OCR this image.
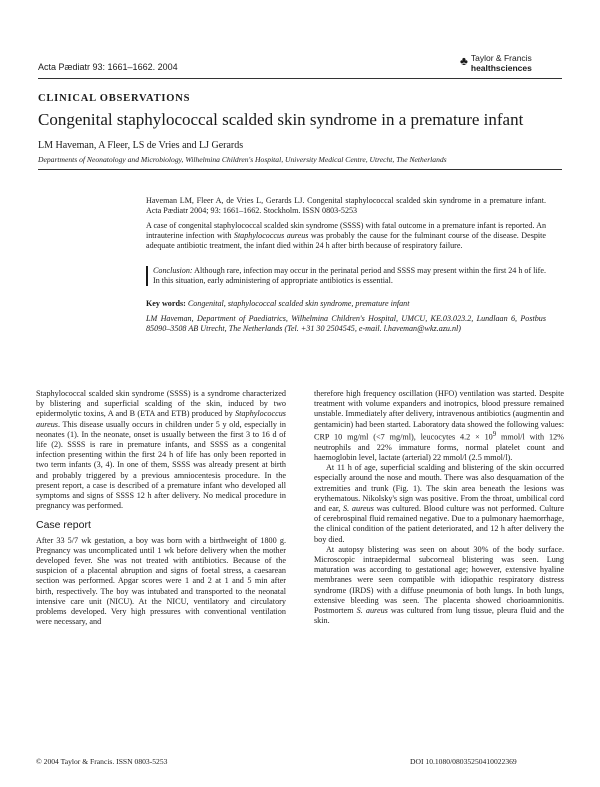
Acta Pædiatr 93: 1661–1662. 2004	♣ Taylor & Francis
healthsciences
CLINICAL OBSERVATIONS
Congenital staphylococcal scalded skin syndrome in a premature infant
LM Haveman, A Fleer, LS de Vries and LJ Gerards
Departments of Neonatology and Microbiology, Wilhelmina Children's Hospital, University Medical Centre, Utrecht, The Netherlands

Haveman LM, Fleer A, de Vries L, Gerards LJ. Congenital staphylococcal scalded skin syndrome in a premature infant. Acta Pædiatr 2004; 93: 1661–1662. Stockholm. ISSN 0803-5253

A case of congenital staphylococcal scalded skin syndrome (SSSS) with fatal outcome in a premature infant is reported. An intrauterine infection with Staphylococcus aureus was probably the cause for the fulminant course of the disease. Despite adequate antibiotic treatment, the infant died within 24 h after birth because of respiratory failure.

Conclusion: Although rare, infection may occur in the perinatal period and SSSS may present within the first 24 h of life. In this situation, early administering of appropriate antibiotics is essential.

Key words: Congenital, staphylococcal scalded skin syndrome, premature infant

LM Haveman, Department of Paediatrics, Wilhelmina Children's Hospital, UMCU, KE.03.023.2, Lundlaan 6, Postbus 85090–3508 AB Utrecht, The Netherlands (Tel. +31 30 2504545, e-mail. l.haveman@wkz.azu.nl)

Staphylococcal scalded skin syndrome (SSSS) is a syndrome characterized by blistering and superficial scalding of the skin, induced by two epidermolytic toxins, A and B (ETA and ETB) produced by Staphylococcus aureus. This disease usually occurs in children under 5 y old, especially in neonates (1). In the neonate, onset is usually between the first 3 to 16 d of life (2). SSSS is rare in premature infants, and SSSS as a congenital infection presenting within the first 24 h of life has only been reported in two term infants (3, 4). In one of them, SSSS was already present at birth and probably triggered by a previous amniocentesis procedure. In the present report, a case is described of a premature infant who developed all symptoms and signs of SSSS 12 h after delivery. No medical procedure in pregnancy was performed.

Case report

After 33 5/7 wk gestation, a boy was born with a birthweight of 1800 g. Pregnancy was uncomplicated until 1 wk before delivery when the mother developed fever. She was not treated with antibiotics. Because of the suspicion of a placental abruption and signs of foetal stress, a caesarean section was performed. Apgar scores were 1 and 2 at 1 and 5 min after birth, respectively. The boy was intubated and transported to the neonatal intensive care unit (NICU). At the NICU, ventilatory and circulatory problems developed. Very high pressures with conventional ventilation were necessary, and

therefore high frequency oscillation (HFO) ventilation was started. Despite treatment with volume expanders and inotropics, blood pressure remained unstable. Immediately after delivery, intravenous antibiotics (augmentin and gentamicin) had been started. Laboratory data showed the following values: CRP 10 mg/ml (<7 mg/ml), leucocytes $4.2 \times 10^9$ mmol/l with 12% neutrophils and 22% immature forms, normal platelet count and haemoglobin level, lactate (arterial) 22 mmol/l (2.5 mmol/l).

At 11 h of age, superficial scalding and blistering of the skin occurred especially around the nose and mouth. There was also desquamation of the extremities and trunk (Fig. 1). The skin area beneath the lesions was erythematous. Nikolsky's sign was positive. From the throat, umbilical cord and ear, S. aureus was cultured. Blood culture was not performed. Culture of cerebrospinal fluid remained negative. Due to a pulmonary haemorrhage, the clinical condition of the patient deteriorated, and 12 h after delivery the boy died.

At autopsy blistering was seen on about 30% of the body surface. Microscopic intraepidermal subcorneal blistering was seen. Lung maturation was according to gestational age; however, extensive hyaline membranes were seen compatible with idiopathic respiratory distress syndrome (IRDS) with a diffuse pneumonia of both lungs. In both lungs, extensive bleeding was seen. The placenta showed chorioamnionitis. Postmortem S. aureus was cultured from lung tissue, pleura fluid and the skin.

© 2004 Taylor & Francis. ISSN 0803-5253	DOI 10.1080/08035250410022369
